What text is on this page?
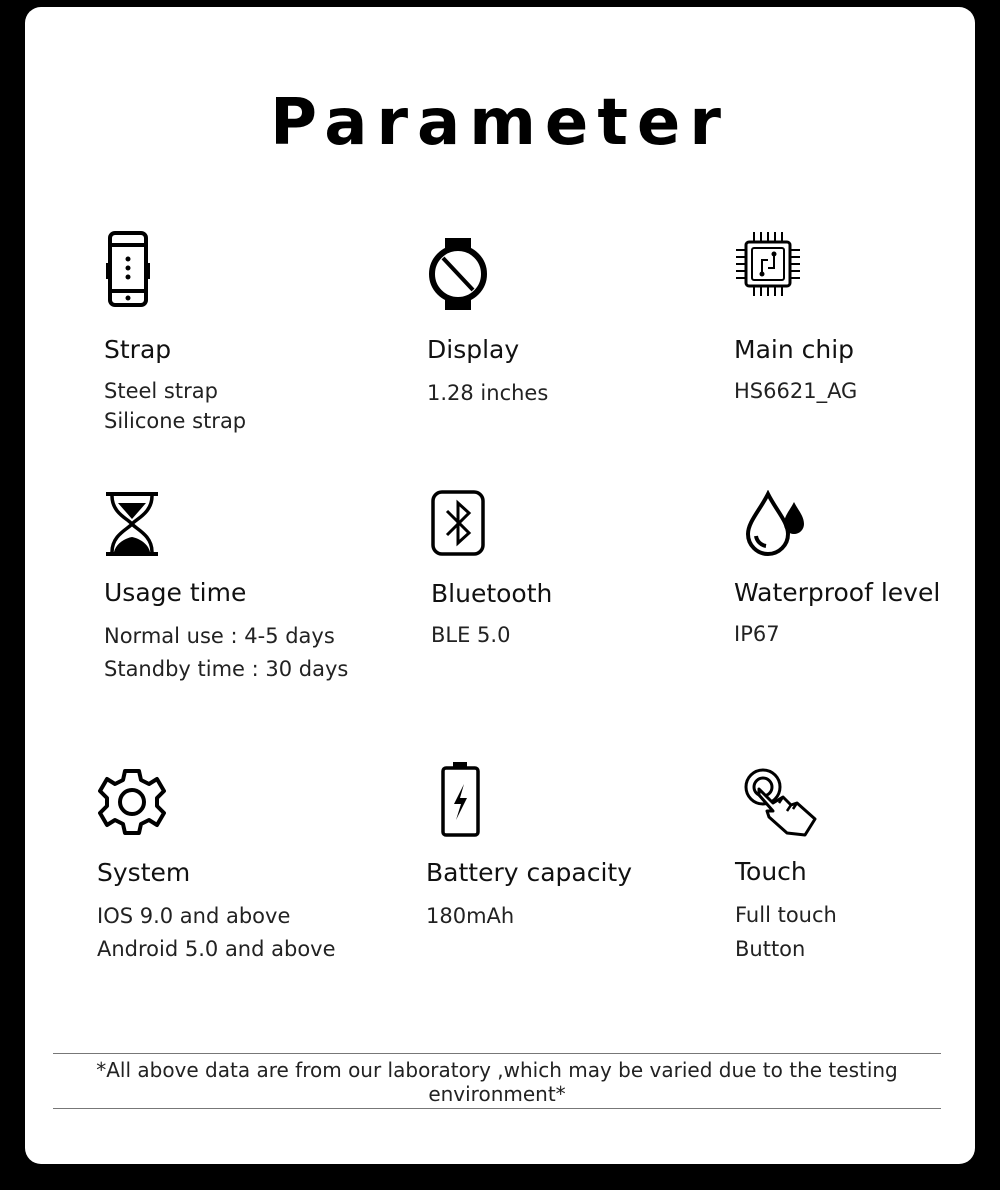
Parameter
Strap
Steel strap
Silicone strap
Display
1.28 inches
Main chip
HS6621_AG
Usage time
Normal use : 4-5 days
Standby time : 30 days
Bluetooth
BLE 5.0
Waterproof level
IP67
System
IOS 9.0 and above
Android 5.0 and above
Battery capacity
180mAh
Touch
Full touch
Button
*All above data are from our laboratory ,which may be varied due to the testing environment*
